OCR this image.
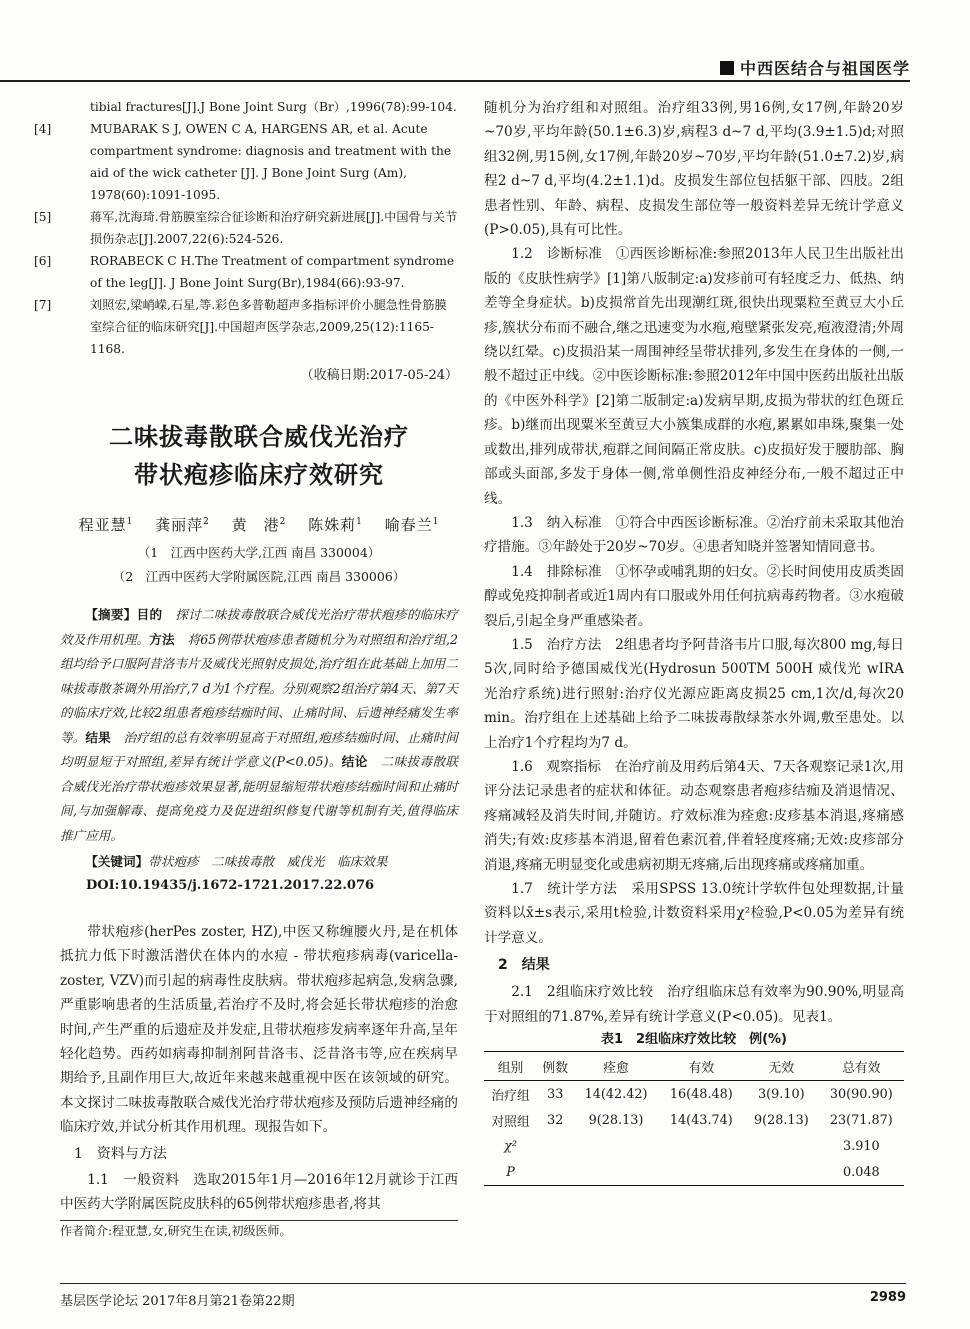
中西医结合与祖国医学
tibial fractures[J].J Bone Joint Surg（Br）,1996(78):99-104.
[4]	MUBARAK S J, OWEN C A, HARGENS AR, et al. Acute compartment syndrome: diagnosis and treatment with the aid of the wick catheter [J]. J Bone Joint Surg (Am), 1978(60):1091-1095.
[5]	蒋军,沈海琦.骨筋膜室综合征诊断和治疗研究新进展[J].中国骨与关节损伤杂志[J].2007,22(6):524-526.
[6]	RORABECK C H.The Treatment of compartment syndrome of the leg[J]. J Bone Joint Surg(Br),1984(66):93-97.
[7]	刘照宏,梁峭嵘,石星,等.彩色多普勒超声多指标评价小腿急性骨筋膜室综合征的临床研究[J].中国超声医学杂志,2009,25(12):1165-1168.
（收稿日期:2017-05-24）
二味拔毒散联合威伐光治疗
带状疱疹临床疗效研究
程亚慧$^1$　 龚丽萍$^2$　 黄　港$^2$　 陈姝莉$^1$　 喻春兰$^1$
（1　江西中医药大学,江西 南昌 330004）
（2　江西中医药大学附属医院,江西 南昌 330006）
【摘要】目的　 探讨二味拔毒散联合威伐光治疗带状疱疹的临床疗效及作用机理。方法　 将65例带状疱疹患者随机分为对照组和治疗组,2组均给予口服阿昔洛韦片及威伐光照射皮损处,治疗组在此基础上加用二味拔毒散茶调外用治疗,7 d为1个疗程。分别观察2组治疗第4天、第7天的临床疗效,比较2组患者疱疹结痂时间、止痛时间、后遗神经痛发生率等。结果　 治疗组的总有效率明显高于对照组,疱疹结痂时间、止痛时间均明显短于对照组,差异有统计学意义(P<0.05)。结论　 二味拔毒散联合威伐光治疗带状疱疹效果显著,能明显缩短带状疱疹结痂时间和止痛时间,与加强解毒、提高免疫力及促进组织修复代谢等机制有关,值得临床推广应用。
【关键词】带状疱疹　二味拔毒散　威伐光　临床效果
DOI:10.19435/j.1672-1721.2017.22.076
带状疱疹(herPes zoster, HZ),中医又称缠腰火丹,是在机体抵抗力低下时激活潜伏在体内的水痘 - 带状疱疹病毒(varicella-zoster, VZV)而引起的病毒性皮肤病。带状疱疹起病急,发病急骤,严重影响患者的生活质量,若治疗不及时,将会延长带状疱疹的治愈时间,产生严重的后遗症及并发症,且带状疱疹发病率逐年升高,呈年轻化趋势。西药如病毒抑制剂阿昔洛韦、泛昔洛韦等,应在疾病早期给予,且副作用巨大,故近年来越来越重视中医在该领域的研究。本文探讨二味拔毒散联合威伐光治疗带状疱疹及预防后遗神经痛的临床疗效,并试分析其作用机理。现报告如下。
1　资料与方法
1.1　一般资料　选取2015年1月—2016年12月就诊于江西中医药大学附属医院皮肤科的65例带状疱疹患者,将其
作者简介:程亚慧,女,研究生在读,初级医师。
随机分为治疗组和对照组。治疗组33例,男16例,女17例,年龄20岁~70岁,平均年龄(50.1±6.3)岁,病程3 d~7 d,平均(3.9±1.5)d;对照组32例,男15例,女17例,年龄20岁~70岁,平均年龄(51.0±7.2)岁,病程2 d~7 d,平均(4.2±1.1)d。皮损发生部位包括躯干部、四肢。2组患者性别、年龄、病程、皮损发生部位等一般资料差异无统计学意义(P>0.05),具有可比性。
1.2　诊断标准　①西医诊断标准:参照2013年人民卫生出版社出版的《皮肤性病学》[1]第八版制定:a)发疹前可有轻度乏力、低热、纳差等全身症状。b)皮损常首先出现潮红斑,很快出现粟粒至黄豆大小丘疹,簇状分布而不融合,继之迅速变为水疱,疱壁紧张发亮,疱液澄清;外周绕以红晕。c)皮损沿某一周围神经呈带状排列,多发生在身体的一侧,一般不超过正中线。②中医诊断标准:参照2012年中国中医药出版社出版的《中医外科学》[2]第二版制定:a)发病早期,皮损为带状的红色斑丘疹。b)继而出现粟米至黄豆大小簇集成群的水疱,累累如串珠,聚集一处或数出,排列成带状,疱群之间间隔正常皮肤。c)皮损好发于腰肋部、胸部或头面部,多发于身体一侧,常单侧性沿皮神经分布,一般不超过正中线。
1.3　纳入标准　①符合中西医诊断标准。②治疗前未采取其他治疗措施。③年龄处于20岁~70岁。④患者知晓并签署知情同意书。
1.4　排除标准　①怀孕或哺乳期的妇女。②长时间使用皮质类固醇或免疫抑制者或近1周内有口服或外用任何抗病毒药物者。③水疱破裂后,引起全身严重感染者。
1.5　治疗方法　2组患者均予阿昔洛韦片口服,每次800 mg,每日5次,同时给予德国威伐光(Hydrosun 500TM 500H 威伐光 wIRA 光治疗系统)进行照射:治疗仪光源应距离皮损25 cm,1次/d,每次20 min。治疗组在上述基础上给予二味拔毒散绿茶水外调,敷至患处。以上治疗1个疗程均为7 d。
1.6　观察指标　在治疗前及用药后第4天、7天各观察记录1次,用评分法记录患者的症状和体征。动态观察患者疱疹结痂及消退情况、疼痛减轻及消失时间,并随访。疗效标准为痊愈:皮疹基本消退,疼痛感消失;有效:皮疹基本消退,留着色素沉着,伴着轻度疼痛;无效:皮疹部分消退,疼痛无明显变化或患病初期无疼痛,后出现疼痛或疼痛加重。
1.7　统计学方法　采用SPSS 13.0统计学软件包处理数据,计量资料以x̄±s表示,采用t检验,计数资料采用χ²检验,P<0.05为差异有统计学意义。
2　结果
2.1　2组临床疗效比较　治疗组临床总有效率为90.90%,明显高于对照组的71.87%,差异有统计学意义(P<0.05)。见表1。
表1　2组临床疗效比较　例(%)
组别	例数	痊愈	有效	无效	总有效
治疗组	33	14(42.42)	16(48.48)	3(9.10)	30(90.90)
对照组	32	9(28.13)	14(43.74)	9(28.13)	23(71.87)
χ²					3.910
P					0.048
基层医学论坛 2017年8月第21卷第22期	2989
